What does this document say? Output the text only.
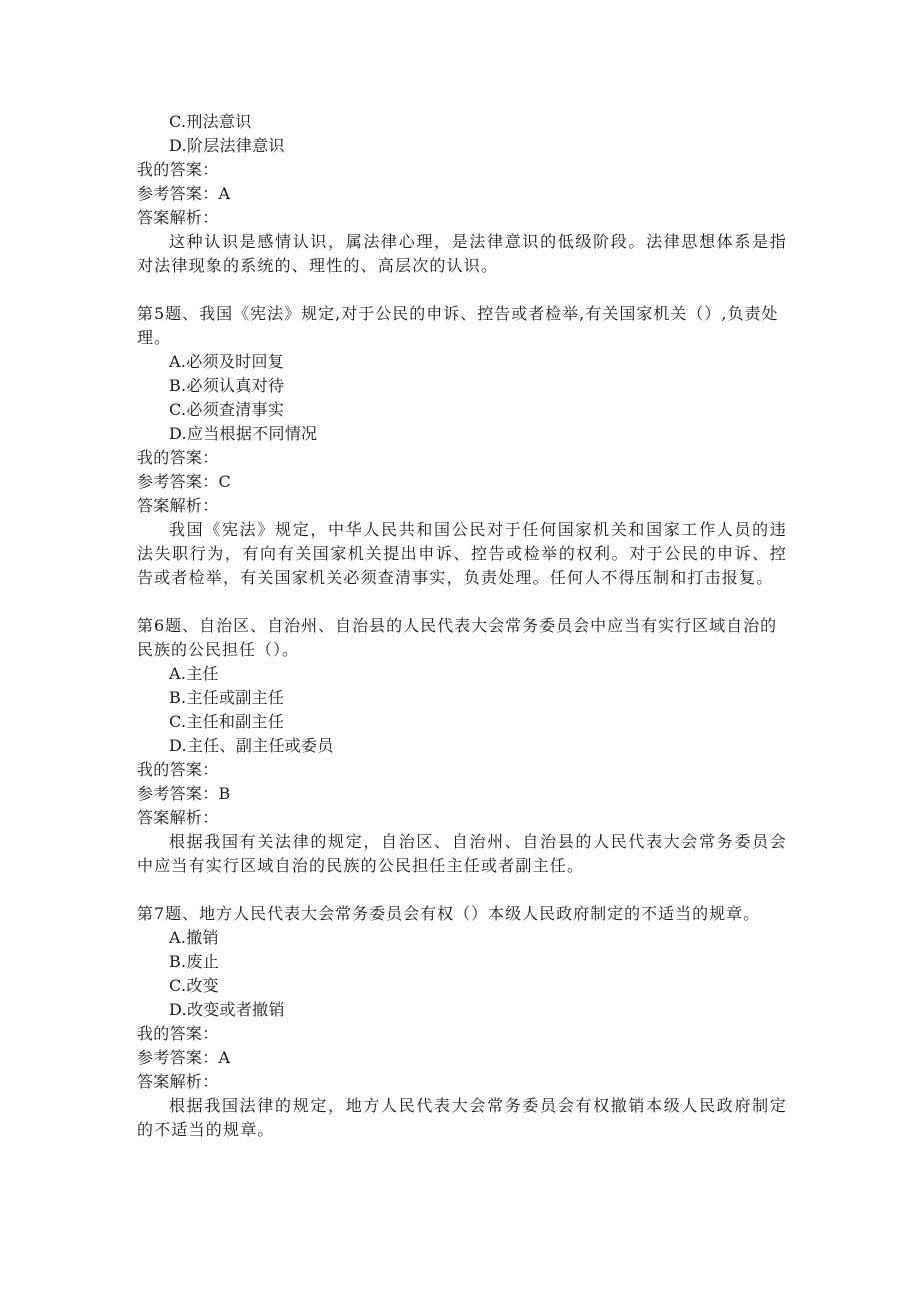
C.刑法意识
D.阶层法律意识
我的答案：
参考答案：A
答案解析：

这种认识是感情认识，属法律心理，是法律意识的低级阶段。法律思想体系是指对法律现象的系统的、理性的、高层次的认识。

第5题、我国《宪法》规定,对于公民的申诉、控告或者检举,有关国家机关（）,负责处理。

A.必须及时回复
B.必须认真对待
C.必须查清事实
D.应当根据不同情况
我的答案：
参考答案：C
答案解析：

我国《宪法》规定，中华人民共和国公民对于任何国家机关和国家工作人员的违法失职行为，有向有关国家机关提出申诉、控告或检举的权利。对于公民的申诉、控告或者检举，有关国家机关必须查清事实，负责处理。任何人不得压制和打击报复。

第6题、自治区、自治州、自治县的人民代表大会常务委员会中应当有实行区域自治的民族的公民担任（）。

A.主任
B.主任或副主任
C.主任和副主任
D.主任、副主任或委员
我的答案：
参考答案：B
答案解析：

根据我国有关法律的规定，自治区、自治州、自治县的人民代表大会常务委员会中应当有实行区域自治的民族的公民担任主任或者副主任。

第7题、地方人民代表大会常务委员会有权（）本级人民政府制定的不适当的规章。

A.撤销
B.废止
C.改变
D.改变或者撤销
我的答案：
参考答案：A
答案解析：

根据我国法律的规定，地方人民代表大会常务委员会有权撤销本级人民政府制定的不适当的规章。
